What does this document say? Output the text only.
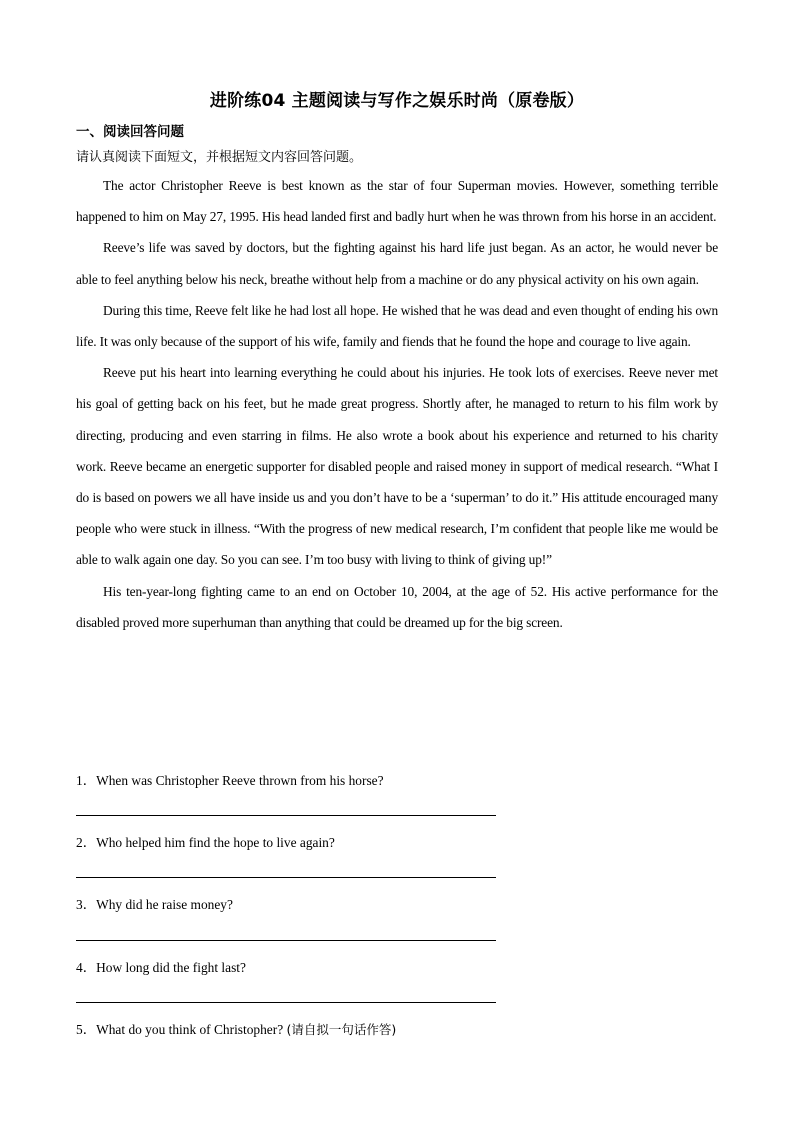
进阶练04 主题阅读与写作之娱乐时尚（原卷版）
一、阅读回答问题
请认真阅读下面短文，并根据短文内容回答问题。

The actor Christopher Reeve is best known as the star of four Superman movies. However, something terrible happened to him on May 27, 1995. His head landed first and badly hurt when he was thrown from his horse in an accident.

Reeve’s life was saved by doctors, but the fighting against his hard life just began. As an actor, he would never be able to feel anything below his neck, breathe without help from a machine or do any physical activity on his own again.

During this time, Reeve felt like he had lost all hope. He wished that he was dead and even thought of ending his own life. It was only because of the support of his wife, family and fiends that he found the hope and courage to live again.

Reeve put his heart into learning everything he could about his injuries. He took lots of exercises. Reeve never met his goal of getting back on his feet, but he made great progress. Shortly after, he managed to return to his film work by directing, producing and even starring in films. He also wrote a book about his experience and returned to his charity work. Reeve became an energetic supporter for disabled people and raised money in support of medical research. “What I do is based on powers we all have inside us and you don’t have to be a ‘superman’ to do it.” His attitude encouraged many people who were stuck in illness. “With the progress of new medical research, I’m confident that people like me would be able to walk again one day. So you can see. I’m too busy with living to think of giving up!”

His ten-year-long fighting came to an end on October 10, 2004, at the age of 52. His active performance for the disabled proved more superhuman than anything that could be dreamed up for the big screen.

1．When was Christopher Reeve thrown from his horse?
2．Who helped him find the hope to live again?
3．Why did he raise money?
4．How long did the fight last?
5．What do you think of Christopher? (请自拟一句话作答)
